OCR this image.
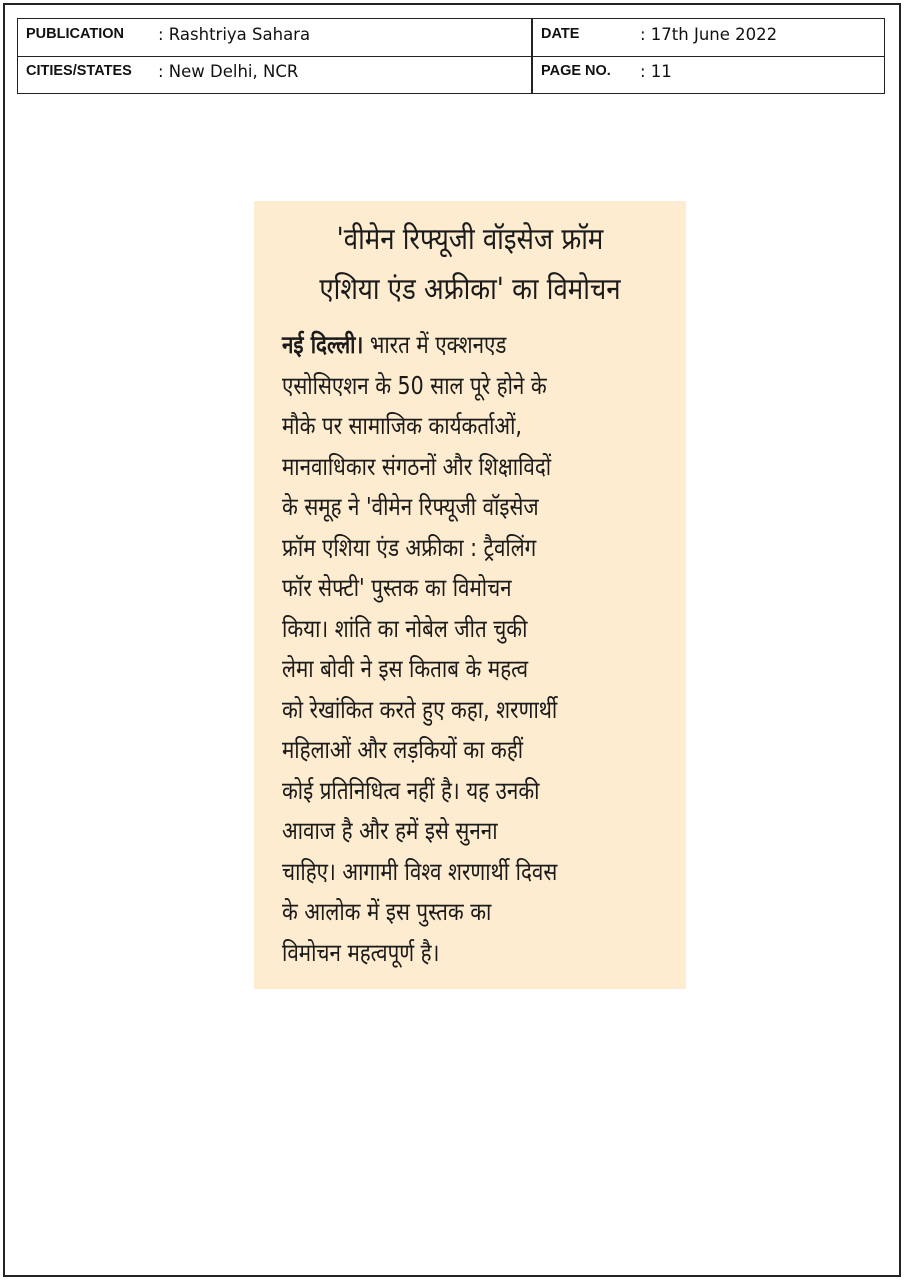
PUBLICATION : Rashtriya Sahara	DATE	: 17th June 2022
CITIES/STATES : New Delhi, NCR	PAGE NO. : 11
'वीमेन रिफ्यूजी वॉइसेज फ्रॉम
एशिया एंड अफ्रीका' का विमोचन
नई दिल्ली। भारत में एक्शनएड
एसोसिएशन के 50 साल पूरे होने के
मौके पर सामाजिक कार्यकर्ताओं,
मानवाधिकार संगठनों और शिक्षाविदों
के समूह ने 'वीमेन रिफ्यूजी वॉइसेज
फ्रॉम एशिया एंड अफ्रीका : ट्रैवलिंग
फॉर सेफ्टी' पुस्तक का विमोचन
किया। शांति का नोबेल जीत चुकी
लेमा बोवी ने इस किताब के महत्व
को रेखांकित करते हुए कहा, शरणार्थी
महिलाओं और लड़कियों का कहीं
कोई प्रतिनिधित्व नहीं है। यह उनकी
आवाज है और हमें इसे सुनना
चाहिए। आगामी विश्व शरणार्थी दिवस
के आलोक में इस पुस्तक का
विमोचन महत्वपूर्ण है।
